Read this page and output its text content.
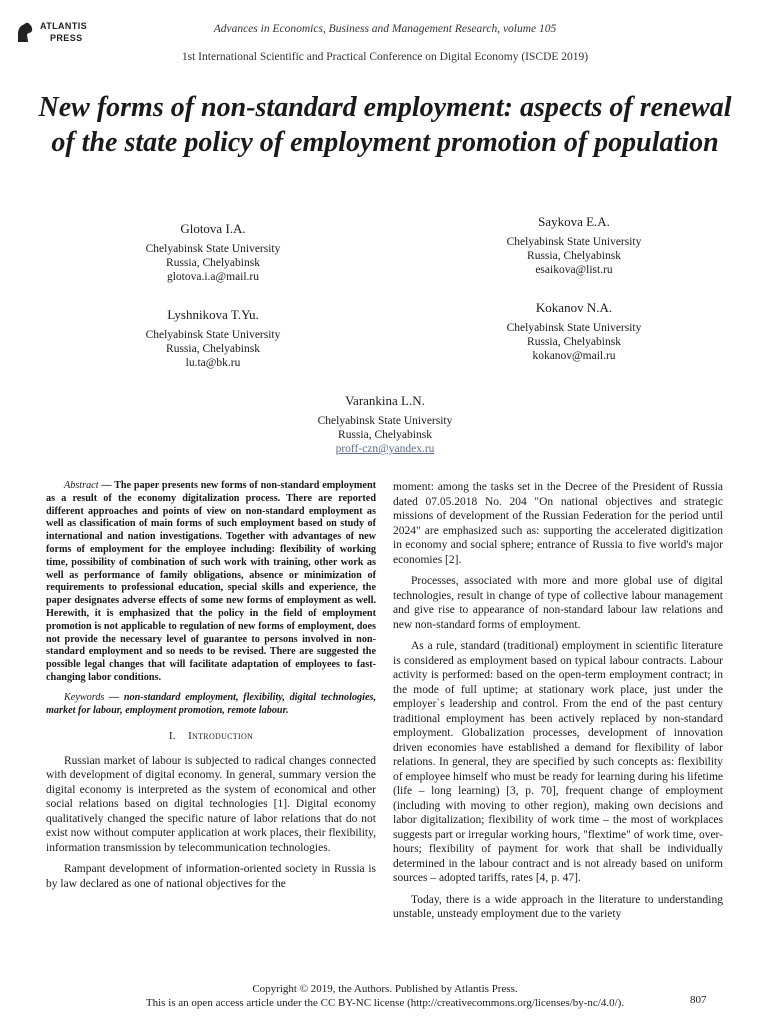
ATLANTIS
PRESS
Advances in Economics, Business and Management Research, volume 105
1st International Scientific and Practical Conference on Digital Economy (ISCDE 2019)
New forms of non-standard employment: aspects of renewal of the state policy of employment promotion of population
Glotova I.A.
Chelyabinsk State University
Russia, Chelyabinsk
glotova.i.a@mail.ru
Saykova E.A.
Chelyabinsk State University
Russia, Chelyabinsk
esaikova@list.ru
Lyshnikova T.Yu.
Chelyabinsk State University
Russia, Chelyabinsk
lu.ta@bk.ru
Kokanov N.A.
Chelyabinsk State University
Russia, Chelyabinsk
kokanov@mail.ru
Varankina L.N.
Chelyabinsk State University
Russia, Chelyabinsk
proff-czn@yandex.ru

Abstract — The paper presents new forms of non-standard employment as a result of the economy digitalization process. There are reported different approaches and points of view on non-standard employment as well as classification of main forms of such employment based on study of international and nation investigations. Together with advantages of new forms of employment for the employee including: flexibility of working time, possibility of combination of such work with training, other work as well as performance of family obligations, absence or minimization of requirements to professional education, special skills and experience, the paper designates adverse effects of some new forms of employment as well. Herewith, it is emphasized that the policy in the field of employment promotion is not applicable to regulation of new forms of employment, does not provide the necessary level of guarantee to persons involved in non-standard employment and so needs to be revised. There are suggested the possible legal changes that will facilitate adaptation of employees to fast-changing labor conditions.

Keywords — non-standard employment, flexibility, digital technologies, market for labour, employment promotion, remote labour.

I. Introduction

Russian market of labour is subjected to radical changes connected with development of digital economy. In general, summary version the digital economy is interpreted as the system of economical and other social relations based on digital technologies [1]. Digital economy qualitatively changed the specific nature of labor relations that do not exist now without computer application at work places, their flexibility, information transmission by telecommunication technologies.

Rampant development of information-oriented society in Russia is by law declared as one of national objectives for the

moment: among the tasks set in the Decree of the President of Russia dated 07.05.2018 No. 204 "On national objectives and strategic missions of development of the Russian Federation for the period until 2024" are emphasized such as: supporting the accelerated digitization in economy and social sphere; entrance of Russia to five world's major economies [2].

Processes, associated with more and more global use of digital technologies, result in change of type of collective labour management and give rise to appearance of non-standard labour law relations and new non-standard forms of employment.

As a rule, standard (traditional) employment in scientific literature is considered as employment based on typical labour contracts. Labour activity is performed: based on the open-term employment contract; in the mode of full uptime; at stationary work place, just under the employer`s leadership and control. From the end of the past century traditional employment has been actively replaced by non-standard employment. Globalization processes, development of innovation driven economies have established a demand for flexibility of labor relations. In general, they are specified by such concepts as: flexibility of employee himself who must be ready for learning during his lifetime (life – long learning) [3, p. 70], frequent change of employment (including with moving to other region), making own decisions and labor digitalization; flexibility of work time – the most of workplaces suggests part or irregular working hours, "flextime" of work time, over-hours; flexibility of payment for work that shall be individually determined in the labour contract and is not already based on uniform sources – adopted tariffs, rates [4, p. 47].

Today, there is a wide approach in the literature to understanding unstable, unsteady employment due to the variety

Copyright © 2019, the Authors. Published by Atlantis Press.
This is an open access article under the CC BY-NC license (http://creativecommons.org/licenses/by-nc/4.0/).	807
